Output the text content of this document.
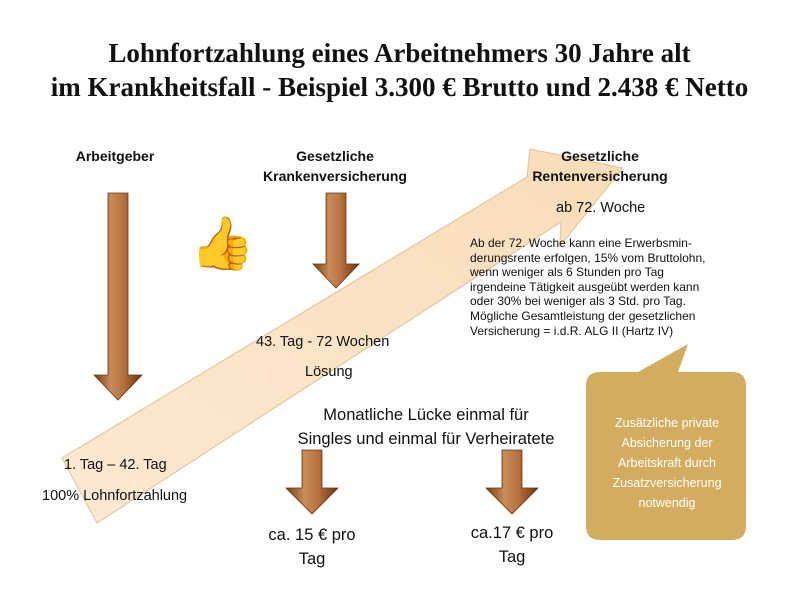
Lohnfortzahlung eines Arbeitnehmers 30 Jahre alt
im Krankheitsfall - Beispiel 3.300 € Brutto und 2.438 € Netto
Arbeitgeber	Gesetzliche
Krankenversicherung
Gesetzliche
Rentenversicherung
👍
ab 72. Woche
Ab der 72. Woche kann eine Erwerbsmin-
derungsrente erfolgen, 15% vom Bruttolohn,
wenn weniger als 6 Stunden pro Tag
irgendeine Tätigkeit ausgeübt werden kann
oder 30% bei weniger als 3 Std. pro Tag.
Mögliche Gesamtleistung der gesetzlichen
Versicherung = i.d.R. ALG II (Hartz IV)
43. Tag - 72 Wochen
Lösung
Monatliche Lücke einmal für
Singles und einmal für Verheiratete
1. Tag – 42. Tag
100% Lohnfortzahlung
ca. 15 € pro
Tag
ca.17 € pro
Tag
Zusätzliche private
Absicherung der
Arbeitskraft durch
Zusatzversicherung
notwendig
